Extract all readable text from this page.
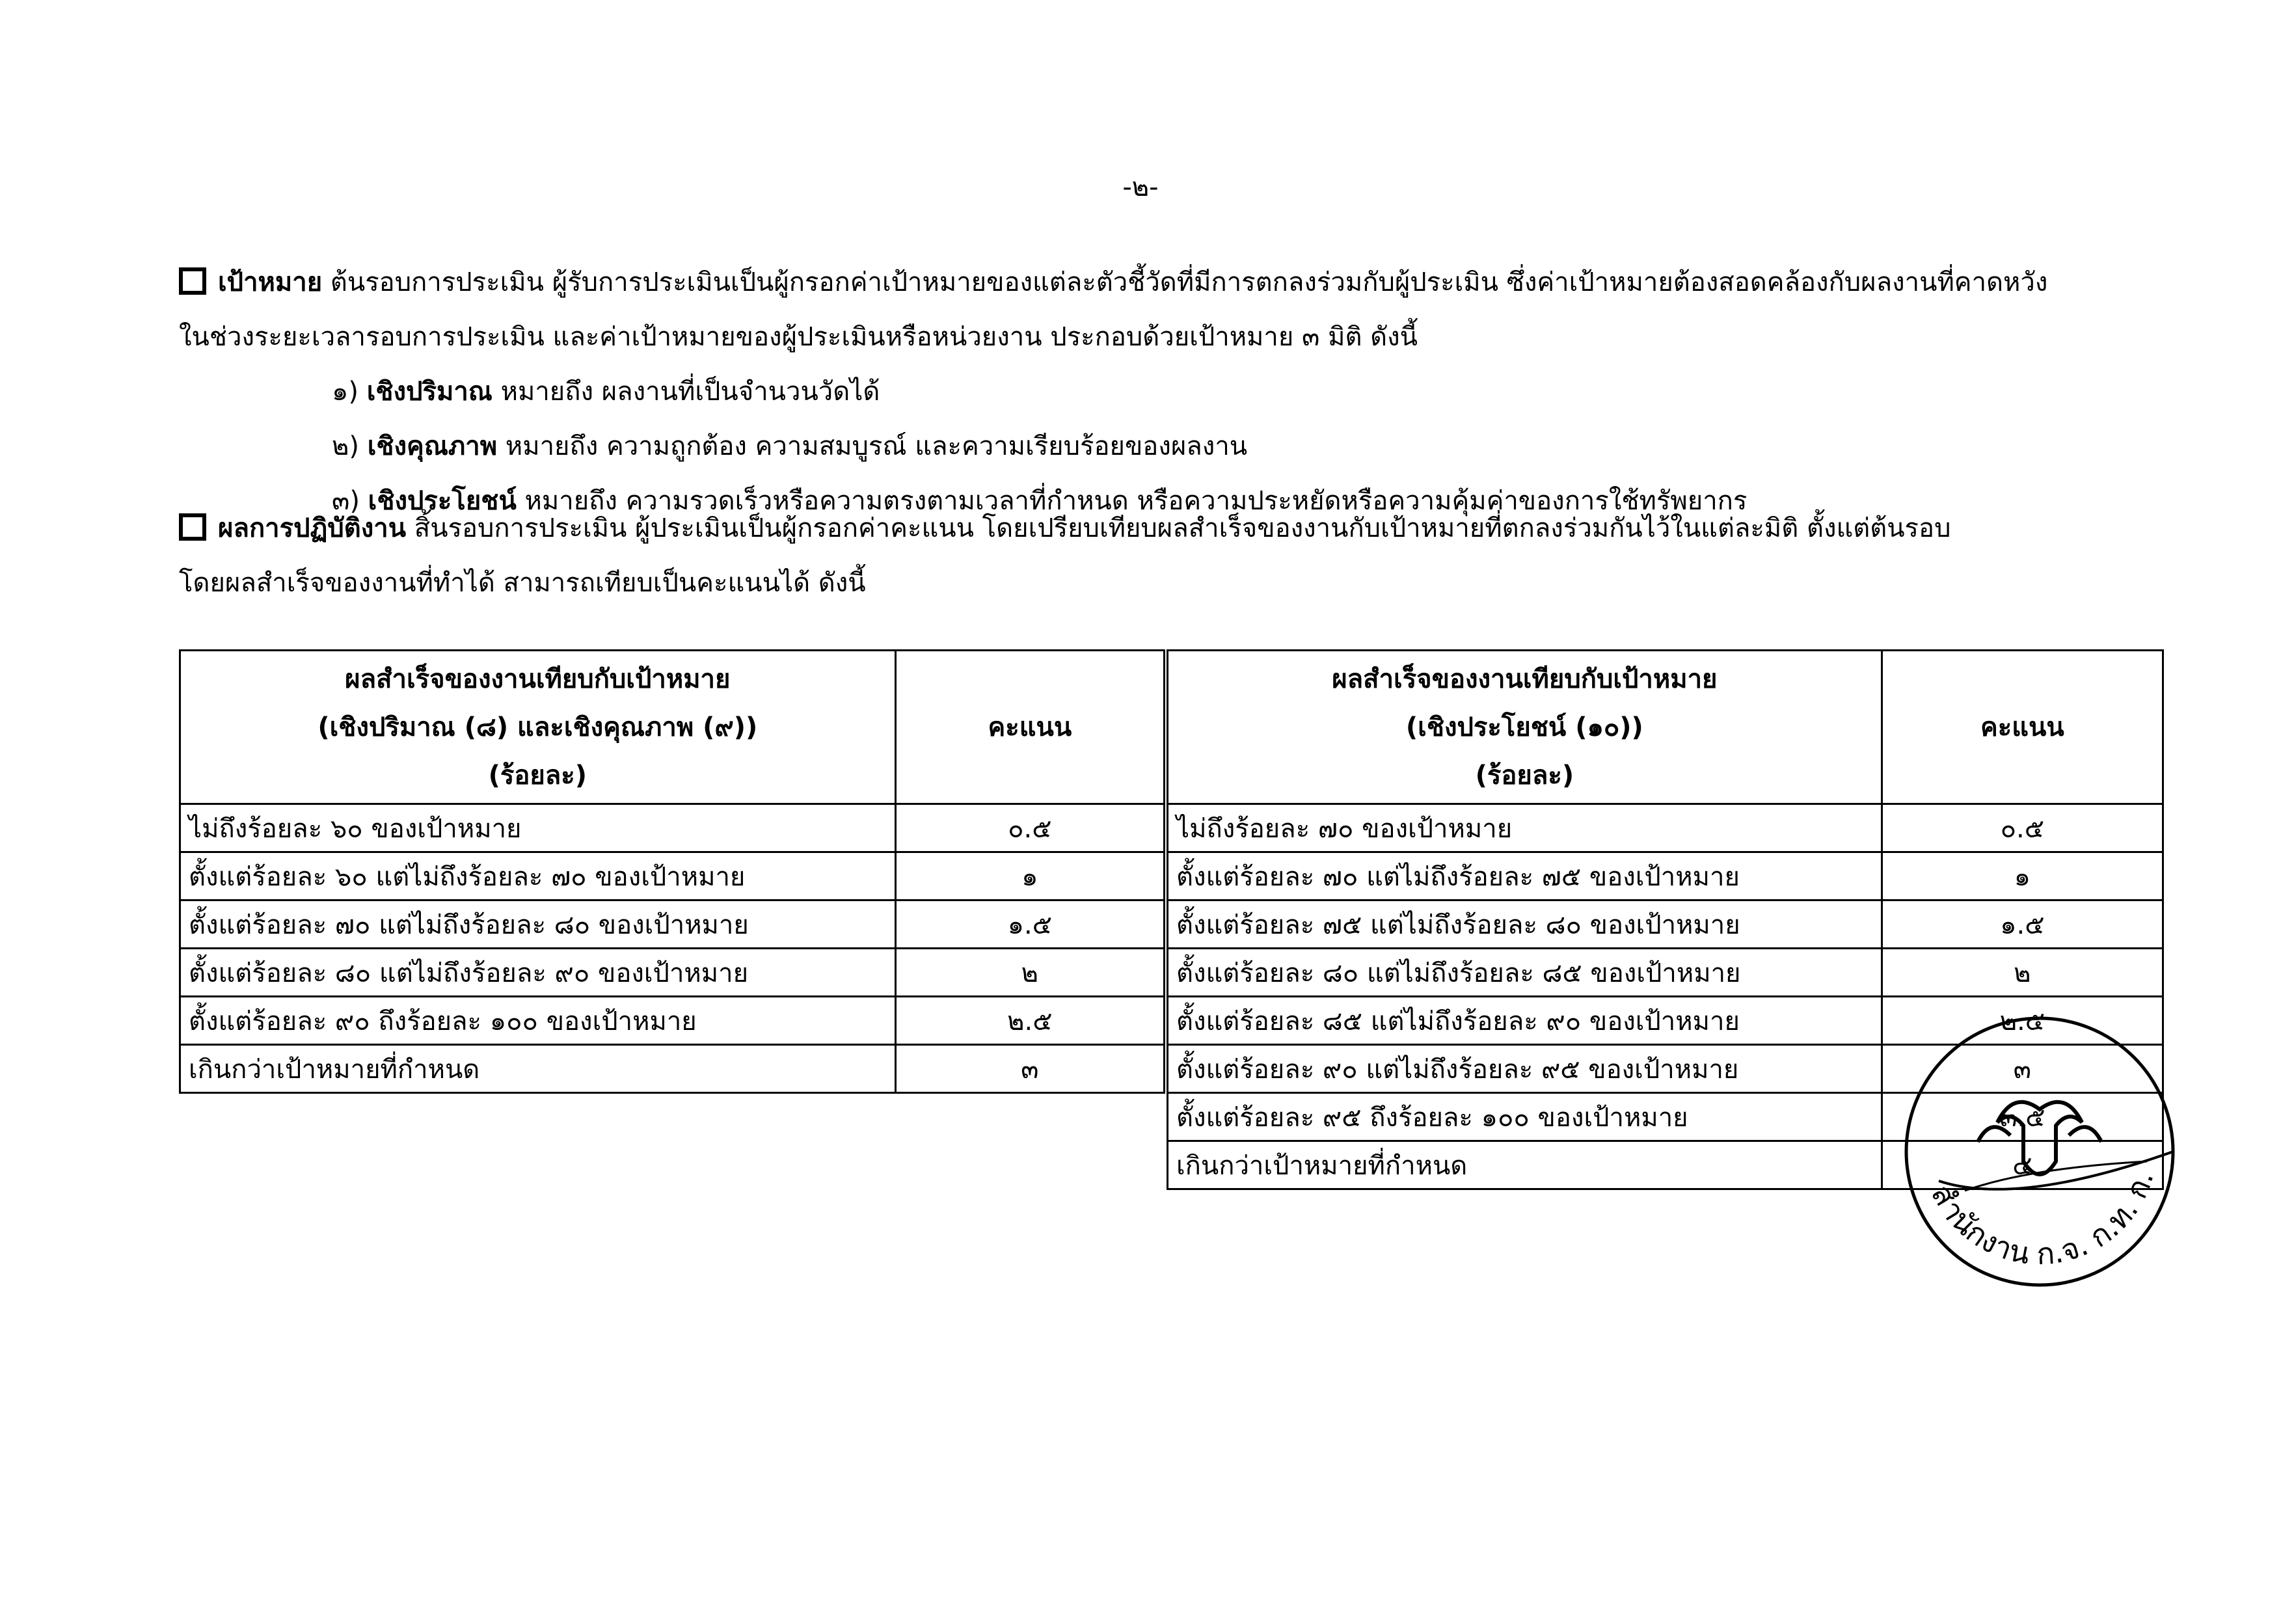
-๒-
เป้าหมาย ต้นรอบการประเมิน ผู้รับการประเมินเป็นผู้กรอกค่าเป้าหมายของแต่ละตัวชี้วัดที่มีการตกลงร่วมกับผู้ประเมิน ซึ่งค่าเป้าหมายต้องสอดคล้องกับผลงานที่คาดหวัง
ในช่วงระยะเวลารอบการประเมิน และค่าเป้าหมายของผู้ประเมินหรือหน่วยงาน ประกอบด้วยเป้าหมาย ๓ มิติ ดังนี้
๑) เชิงปริมาณ หมายถึง ผลงานที่เป็นจำนวนวัดได้
๒) เชิงคุณภาพ หมายถึง ความถูกต้อง ความสมบูรณ์ และความเรียบร้อยของผลงาน
๓) เชิงประโยชน์ หมายถึง ความรวดเร็วหรือความตรงตามเวลาที่กำหนด หรือความประหยัดหรือความคุ้มค่าของการใช้ทรัพยากร
ผลการปฏิบัติงาน สิ้นรอบการประเมิน ผู้ประเมินเป็นผู้กรอกค่าคะแนน โดยเปรียบเทียบผลสำเร็จของงานกับเป้าหมายที่ตกลงร่วมกันไว้ในแต่ละมิติ ตั้งแต่ต้นรอบ
โดยผลสำเร็จของงานที่ทำได้ สามารถเทียบเป็นคะแนนได้ ดังนี้
ผลสำเร็จของงานเทียบกับเป้าหมาย
(เชิงปริมาณ (๘) และเชิงคุณภาพ (๙))
(ร้อยละ)	คะแนน
ไม่ถึงร้อยละ ๖๐ ของเป้าหมาย	๐.๕
ตั้งแต่ร้อยละ ๖๐ แต่ไม่ถึงร้อยละ ๗๐ ของเป้าหมาย	๑
ตั้งแต่ร้อยละ ๗๐ แต่ไม่ถึงร้อยละ ๘๐ ของเป้าหมาย	๑.๕
ตั้งแต่ร้อยละ ๘๐ แต่ไม่ถึงร้อยละ ๙๐ ของเป้าหมาย	๒
ตั้งแต่ร้อยละ ๙๐ ถึงร้อยละ ๑๐๐ ของเป้าหมาย	๒.๕
เกินกว่าเป้าหมายที่กำหนด	๓
ผลสำเร็จของงานเทียบกับเป้าหมาย
(เชิงประโยชน์ (๑๐))
(ร้อยละ)	คะแนน
ไม่ถึงร้อยละ ๗๐ ของเป้าหมาย	๐.๕
ตั้งแต่ร้อยละ ๗๐ แต่ไม่ถึงร้อยละ ๗๕ ของเป้าหมาย	๑
ตั้งแต่ร้อยละ ๗๕ แต่ไม่ถึงร้อยละ ๘๐ ของเป้าหมาย	๑.๕
ตั้งแต่ร้อยละ ๘๐ แต่ไม่ถึงร้อยละ ๘๕ ของเป้าหมาย	๒
ตั้งแต่ร้อยละ ๘๕ แต่ไม่ถึงร้อยละ ๙๐ ของเป้าหมาย	๒.๕
ตั้งแต่ร้อยละ ๙๐ แต่ไม่ถึงร้อยละ ๙๕ ของเป้าหมาย	๓
ตั้งแต่ร้อยละ ๙๕ ถึงร้อยละ ๑๐๐ ของเป้าหมาย	๓.๕
เกินกว่าเป้าหมายที่กำหนด	๔
สำนักงาน ก.จ. ก.ท. ก.
